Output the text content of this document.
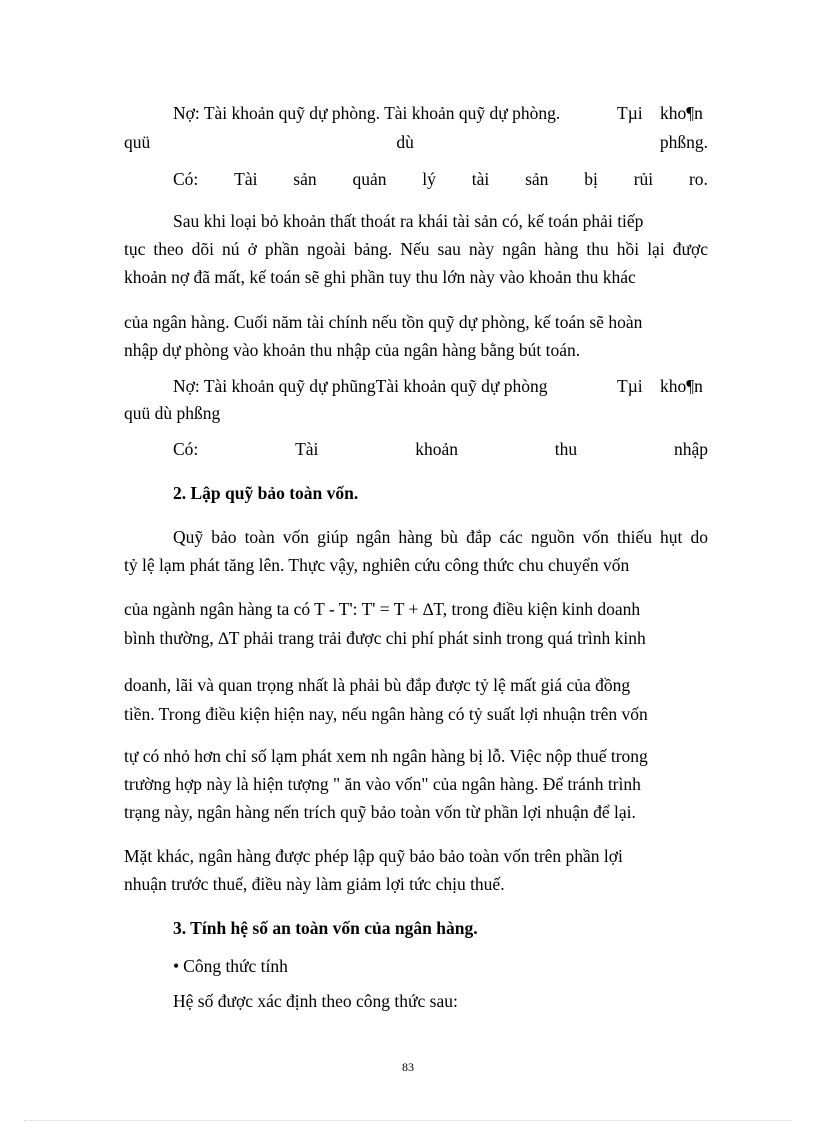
Nợ: Tài khoản quỹ dự phòng. Tài khoản quỹ dự phòng.	Tµi kho¶n
quü	dù	phßng.
Có: Tài sản quản lý tài sản bị rủi ro.
Sau khi loại bỏ khoản thất thoát ra khái tài sản có, kế toán phải tiếp
tục theo dõi nú ở phần ngoài bảng. Nếu sau này ngân hàng thu hồi lại được
khoản nợ đã mất, kế toán sẽ ghi phần tuy thu lớn này vào khoản thu khác
của ngân hàng. Cuối năm tài chính nếu tồn quỹ dự phòng, kế toán sẽ hoàn
nhập dự phòng vào khoản thu nhập của ngân hàng bằng bút toán.
Nợ: Tài khoản quỹ dự phũngTài khoản quỹ dự phòng	Tµi kho¶n
quü dù phßng
Có:	Tài	khoản	thu	nhập
2. Lập quỹ bảo toàn vốn.
Quỹ bảo toàn vốn giúp ngân hàng bù đắp các nguồn vốn thiếu hụt do
tỷ lệ lạm phát tăng lên. Thực vậy, nghiên cứu công thức chu chuyển vốn
của ngành ngân hàng ta có T - T': T' = T + ∆T, trong điều kiện kinh doanh
bình thường, ∆T phải trang trải được chi phí phát sinh trong quá trình kinh
doanh, lãi và quan trọng nhất là phải bù đắp được tỷ lệ mất giá của đồng
tiền. Trong điều kiện hiện nay, nếu ngân hàng có tỷ suất lợi nhuận trên vốn
tự có nhỏ hơn chỉ số lạm phát xem nh ngân hàng bị lỗ. Việc nộp thuế trong
trường hợp này là hiện tượng " ăn vào vốn" của ngân hàng. Để tránh trình
trạng này, ngân hàng nến trích quỹ bảo toàn vốn từ phần lợi nhuận để lại.
Mặt khác, ngân hàng được phép lập quỹ bảo bảo toàn vốn trên phần lợi
nhuận trước thuế, điều này làm giảm lợi tức chịu thuế.
3. Tính hệ số an toàn vốn của ngân hàng.
• Công thức tính
Hệ số được xác định theo công thức sau:
83
